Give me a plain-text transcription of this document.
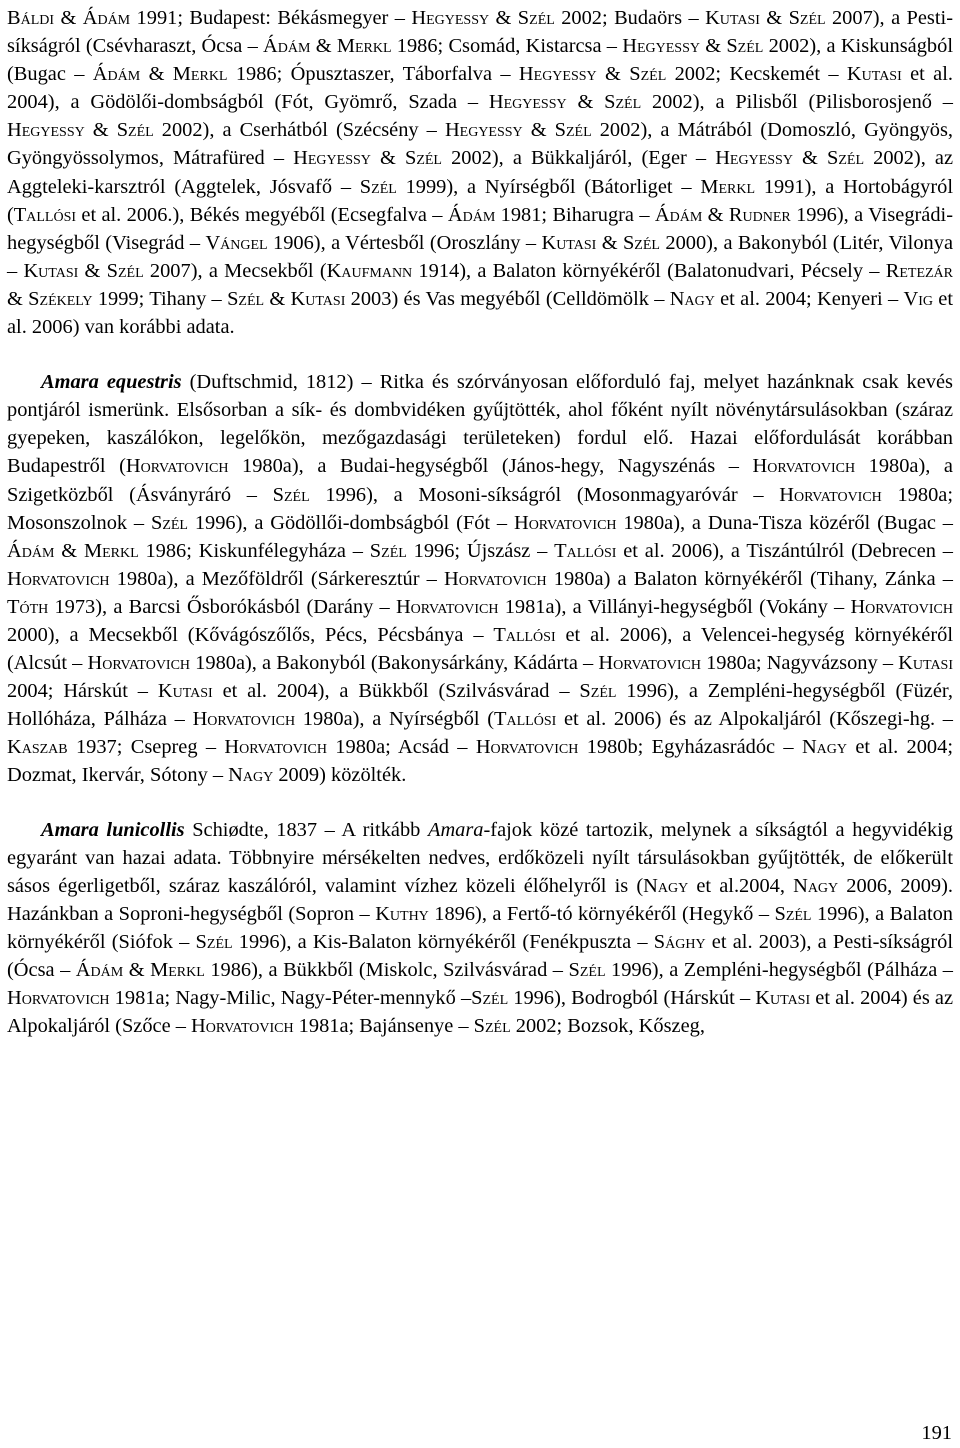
Báldi & Ádám 1991; Budapest: Békásmegyer – Hegyessy & Szél 2002; Budaörs – Kutasi & Szél 2007), a Pesti-síkságról (Csévharaszt, Ócsa – Ádám & Merkl 1986; Csomád, Kistarcsa – Hegyessy & Szél 2002), a Kiskunságból (Bugac – Ádám & Merkl 1986; Ópusztaszer, Táborfalva – Hegyessy & Szél 2002; Kecskemét – Kutasi et al. 2004), a Gödölői-dombságból (Fót, Gyömrő, Szada – Hegyessy & Szél 2002), a Pilisből (Pilisborosjenő – Hegyessy & Szél 2002), a Cserhátból (Szécsény – Hegyessy & Szél 2002), a Mátrából (Domoszló, Gyöngyös, Gyöngyössolymos, Mátrafüred – Hegyessy & Szél 2002), a Bükkaljáról, (Eger – Hegyessy & Szél 2002), az Aggteleki-karsztról (Aggtelek, Jósvafő – Szél 1999), a Nyírségből (Bátorliget – Merkl 1991), a Hortobágyról (Tallósi et al. 2006.), Békés megyéből (Ecsegfalva – Ádám 1981; Biharugra – Ádám & Rudner 1996), a Visegrádi-hegységből (Visegrád – Vángel 1906), a Vértesből (Oroszlány – Kutasi & Szél 2000), a Bakonyból (Litér, Vilonya – Kutasi & Szél 2007), a Mecsekből (Kaufmann 1914), a Balaton környékéről (Balatonudvari, Pécsely – Retezár & Székely 1999; Tihany – Szél & Kutasi 2003) és Vas megyéből (Celldömölk – Nagy et al. 2004; Kenyeri – Vig et al. 2006) van korábbi adata.

Amara equestris (Duftschmid, 1812) – Ritka és szórványosan előforduló faj, melyet hazánknak csak kevés pontjáról ismerünk. Elsősorban a sík- és dombvidéken gyűjtötték, ahol főként nyílt növénytársulásokban (száraz gyepeken, kaszálókon, legelőkön, mezőgazdasági területeken) fordul elő. Hazai előfordulását korábban Budapestről (Horvatovich 1980a), a Budai-hegységből (János-hegy, Nagyszénás – Horvatovich 1980a), a Szigetközből (Ásványráró – Szél 1996), a Mosoni-síkságról (Mosonmagyaróvár – Horvatovich 1980a; Mosonszolnok – Szél 1996), a Gödöllői-dombságból (Fót – Horvatovich 1980a), a Duna-Tisza közéről (Bugac – Ádám & Merkl 1986; Kiskunfélegyháza – Szél 1996; Újszász – Tallósi et al. 2006), a Tiszántúlról (Debrecen – Horvatovich 1980a), a Mezőföldről (Sárkeresztúr – Horvatovich 1980a) a Balaton környékéről (Tihany, Zánka – Tóth 1973), a Barcsi Ősborókásból (Darány – Horvatovich 1981a), a Villányi-hegységből (Vokány – Horvatovich 2000), a Mecsekből (Kővágószőlős, Pécs, Pécsbánya – Tallósi et al. 2006), a Velencei-hegység környékéről (Alcsút – Horvatovich 1980a), a Bakonyból (Bakonysárkány, Kádárta – Horvatovich 1980a; Nagyvázsony – Kutasi 2004; Hárskút – Kutasi et al. 2004), a Bükkből (Szilvásvárad – Szél 1996), a Zempléni-hegységből (Füzér, Hollóháza, Pálháza – Horvatovich 1980a), a Nyírségből (Tallósi et al. 2006) és az Alpokaljáról (Kőszegi-hg. – Kaszab 1937; Csepreg – Horvatovich 1980a; Acsád – Horvatovich 1980b; Egyházasrádóc – Nagy et al. 2004; Dozmat, Ikervár, Sótony – Nagy 2009) közölték.

Amara lunicollis Schiødte, 1837 – A ritkább Amara-fajok közé tartozik, melynek a síkságtól a hegyvidékig egyaránt van hazai adata. Többnyire mérsékelten nedves, erdőközeli nyílt társulásokban gyűjtötték, de előkerült sásos égerligetből, száraz kaszálóról, valamint vízhez közeli élőhelyről is (Nagy et al.2004, Nagy 2006, 2009). Hazánkban a Soproni-hegységből (Sopron – Kuthy 1896), a Fertő-tó környékéről (Hegykő – Szél 1996), a Balaton környékéről (Siófok – Szél 1996), a Kis-Balaton környékéről (Fenékpuszta – Sághy et al. 2003), a Pesti-síkságról (Ócsa – Ádám & Merkl 1986), a Bükkből (Miskolc, Szilvásvárad – Szél 1996), a Zempléni-hegységből (Pálháza – Horvatovich 1981a; Nagy-Milic, Nagy-Péter-mennykő –Szél 1996), Bodrogból (Hárskút – Kutasi et al. 2004) és az Alpokaljáról (Szőce – Horvatovich 1981a; Bajánsenye – Szél 2002; Bozsok, Kőszeg,

191
